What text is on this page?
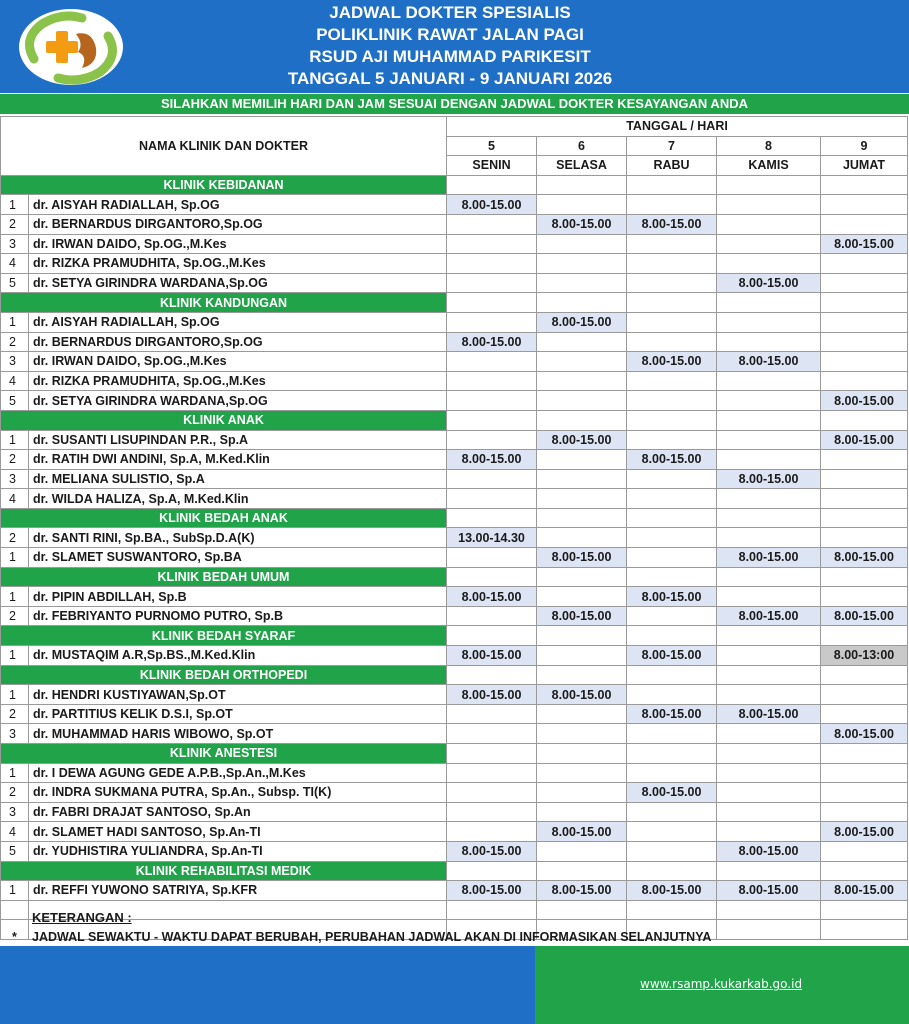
JADWAL DOKTER SPESIALIS
POLIKLINIK RAWAT JALAN PAGI
RSUD AJI MUHAMMAD PARIKESIT
TANGGAL 5 JANUARI - 9 JANUARI 2026
SILAHKAN MEMILIH HARI DAN JAM SESUAI DENGAN JADWAL DOKTER KESAYANGAN ANDA
NAMA KLINIK DAN DOKTER		TANGGAL / HARI				
		5	6	7	8	9
		SENIN	SELASA	RABU	KAMIS	JUMAT
KLINIK KEBIDANAN						
1	dr. AISYAH RADIALLAH, Sp.OG	8.00-15.00				
2	dr. BERNARDUS DIRGANTORO,Sp.OG		8.00-15.00	8.00-15.00		
3	dr. IRWAN DAIDO, Sp.OG.,M.Kes					8.00-15.00
4	dr. RIZKA PRAMUDHITA, Sp.OG.,M.Kes					
5	dr. SETYA GIRINDRA WARDANA,Sp.OG				8.00-15.00	
KLINIK KANDUNGAN						
1	dr. AISYAH RADIALLAH, Sp.OG		8.00-15.00			
2	dr. BERNARDUS DIRGANTORO,Sp.OG	8.00-15.00				
3	dr. IRWAN DAIDO, Sp.OG.,M.Kes			8.00-15.00	8.00-15.00	
4	dr. RIZKA PRAMUDHITA, Sp.OG.,M.Kes					
5	dr. SETYA GIRINDRA WARDANA,Sp.OG					8.00-15.00
KLINIK ANAK						
1	dr. SUSANTI LISUPINDAN P.R., Sp.A		8.00-15.00			8.00-15.00
2	dr. RATIH DWI ANDINI, Sp.A, M.Ked.Klin	8.00-15.00		8.00-15.00		
3	dr. MELIANA SULISTIO, Sp.A				8.00-15.00	
4	dr. WILDA HALIZA, Sp.A, M.Ked.Klin					
KLINIK BEDAH ANAK						
2	dr. SANTI RINI, Sp.BA., SubSp.D.A(K)	13.00-14.30				
1	dr. SLAMET SUSWANTORO, Sp.BA		8.00-15.00		8.00-15.00	8.00-15.00
KLINIK BEDAH UMUM						
1	dr. PIPIN ABDILLAH, Sp.B	8.00-15.00		8.00-15.00		
2	dr. FEBRIYANTO PURNOMO PUTRO, Sp.B		8.00-15.00		8.00-15.00	8.00-15.00
KLINIK BEDAH SYARAF						
1	dr. MUSTAQIM A.R,Sp.BS.,M.Ked.Klin	8.00-15.00		8.00-15.00		8.00-13:00
KLINIK BEDAH ORTHOPEDI						
1	dr. HENDRI KUSTIYAWAN,Sp.OT	8.00-15.00	8.00-15.00			
2	dr. PARTITIUS KELIK D.S.I, Sp.OT			8.00-15.00	8.00-15.00	
3	dr. MUHAMMAD HARIS WIBOWO, Sp.OT					8.00-15.00
KLINIK ANESTESI						
1	dr. I DEWA AGUNG GEDE A.P.B.,Sp.An.,M.Kes					
2	dr. INDRA SUKMANA PUTRA, Sp.An., Subsp. TI(K)			8.00-15.00		
3	dr. FABRI DRAJAT SANTOSO, Sp.An					
4	dr. SLAMET HADI SANTOSO, Sp.An-TI		8.00-15.00			8.00-15.00
5	dr. YUDHISTIRA YULIANDRA, Sp.An-TI	8.00-15.00			8.00-15.00	
KLINIK REHABILITASI MEDIK						
1	dr. REFFI YUWONO SATRIYA, Sp.KFR	8.00-15.00	8.00-15.00	8.00-15.00	8.00-15.00	8.00-15.00

KETERANGAN :
* JADWAL SEWAKTU - WAKTU DAPAT BERUBAH, PERUBAHAN JADWAL AKAN DI INFORMASIKAN SELANJUTNYA
www.rsamp.kukarkab.go.id
